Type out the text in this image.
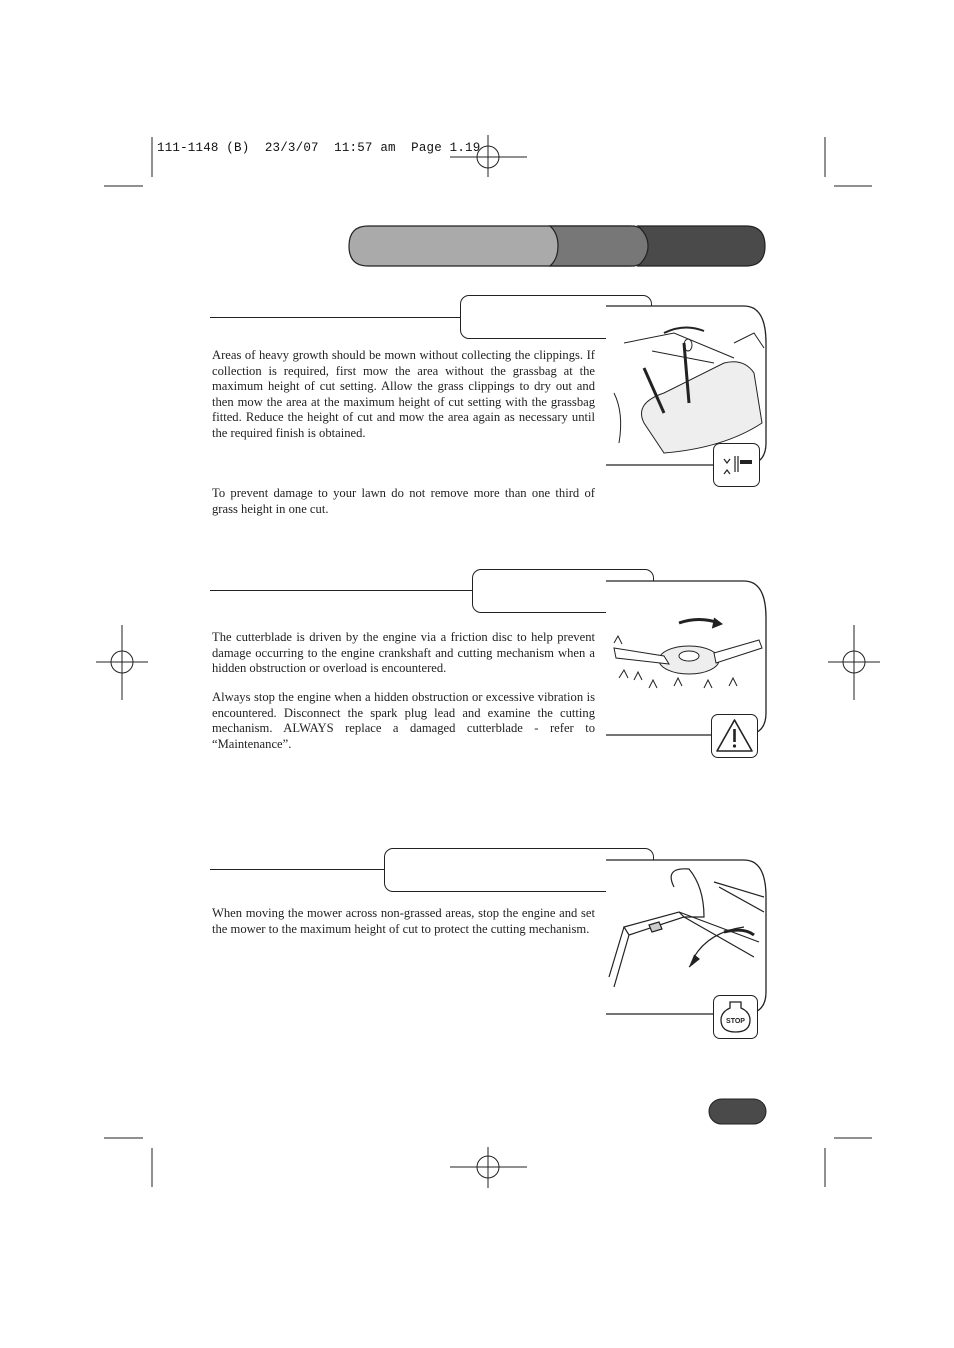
111-1148 (B)  23/3/07  11:57 am  Page 1.19

Areas of heavy growth should be mown without collecting the clippings. If collection is required, first mow the area without the grassbag at the maximum height of cut setting. Allow the grass clippings to dry out and then mow the area at the maximum height of cut setting with the grassbag fitted. Reduce the height of cut and mow the area again as necessary until the required finish is obtained.

To prevent damage to your lawn do not remove more than one third of grass height in one cut.

The cutterblade is driven by the engine via a friction disc to help prevent damage occurring to the engine crankshaft and cutting mechanism when a hidden obstruction or overload is encountered.

Always stop the engine when a hidden obstruction or excessive vibration is encountered. Disconnect the spark plug lead and examine the cutting mechanism. ALWAYS replace a damaged cutterblade - refer to “Maintenance”.

When moving the mower across non-grassed areas, stop the engine and set the mower to the maximum height of cut to protect the cutting mechanism.

STOP
